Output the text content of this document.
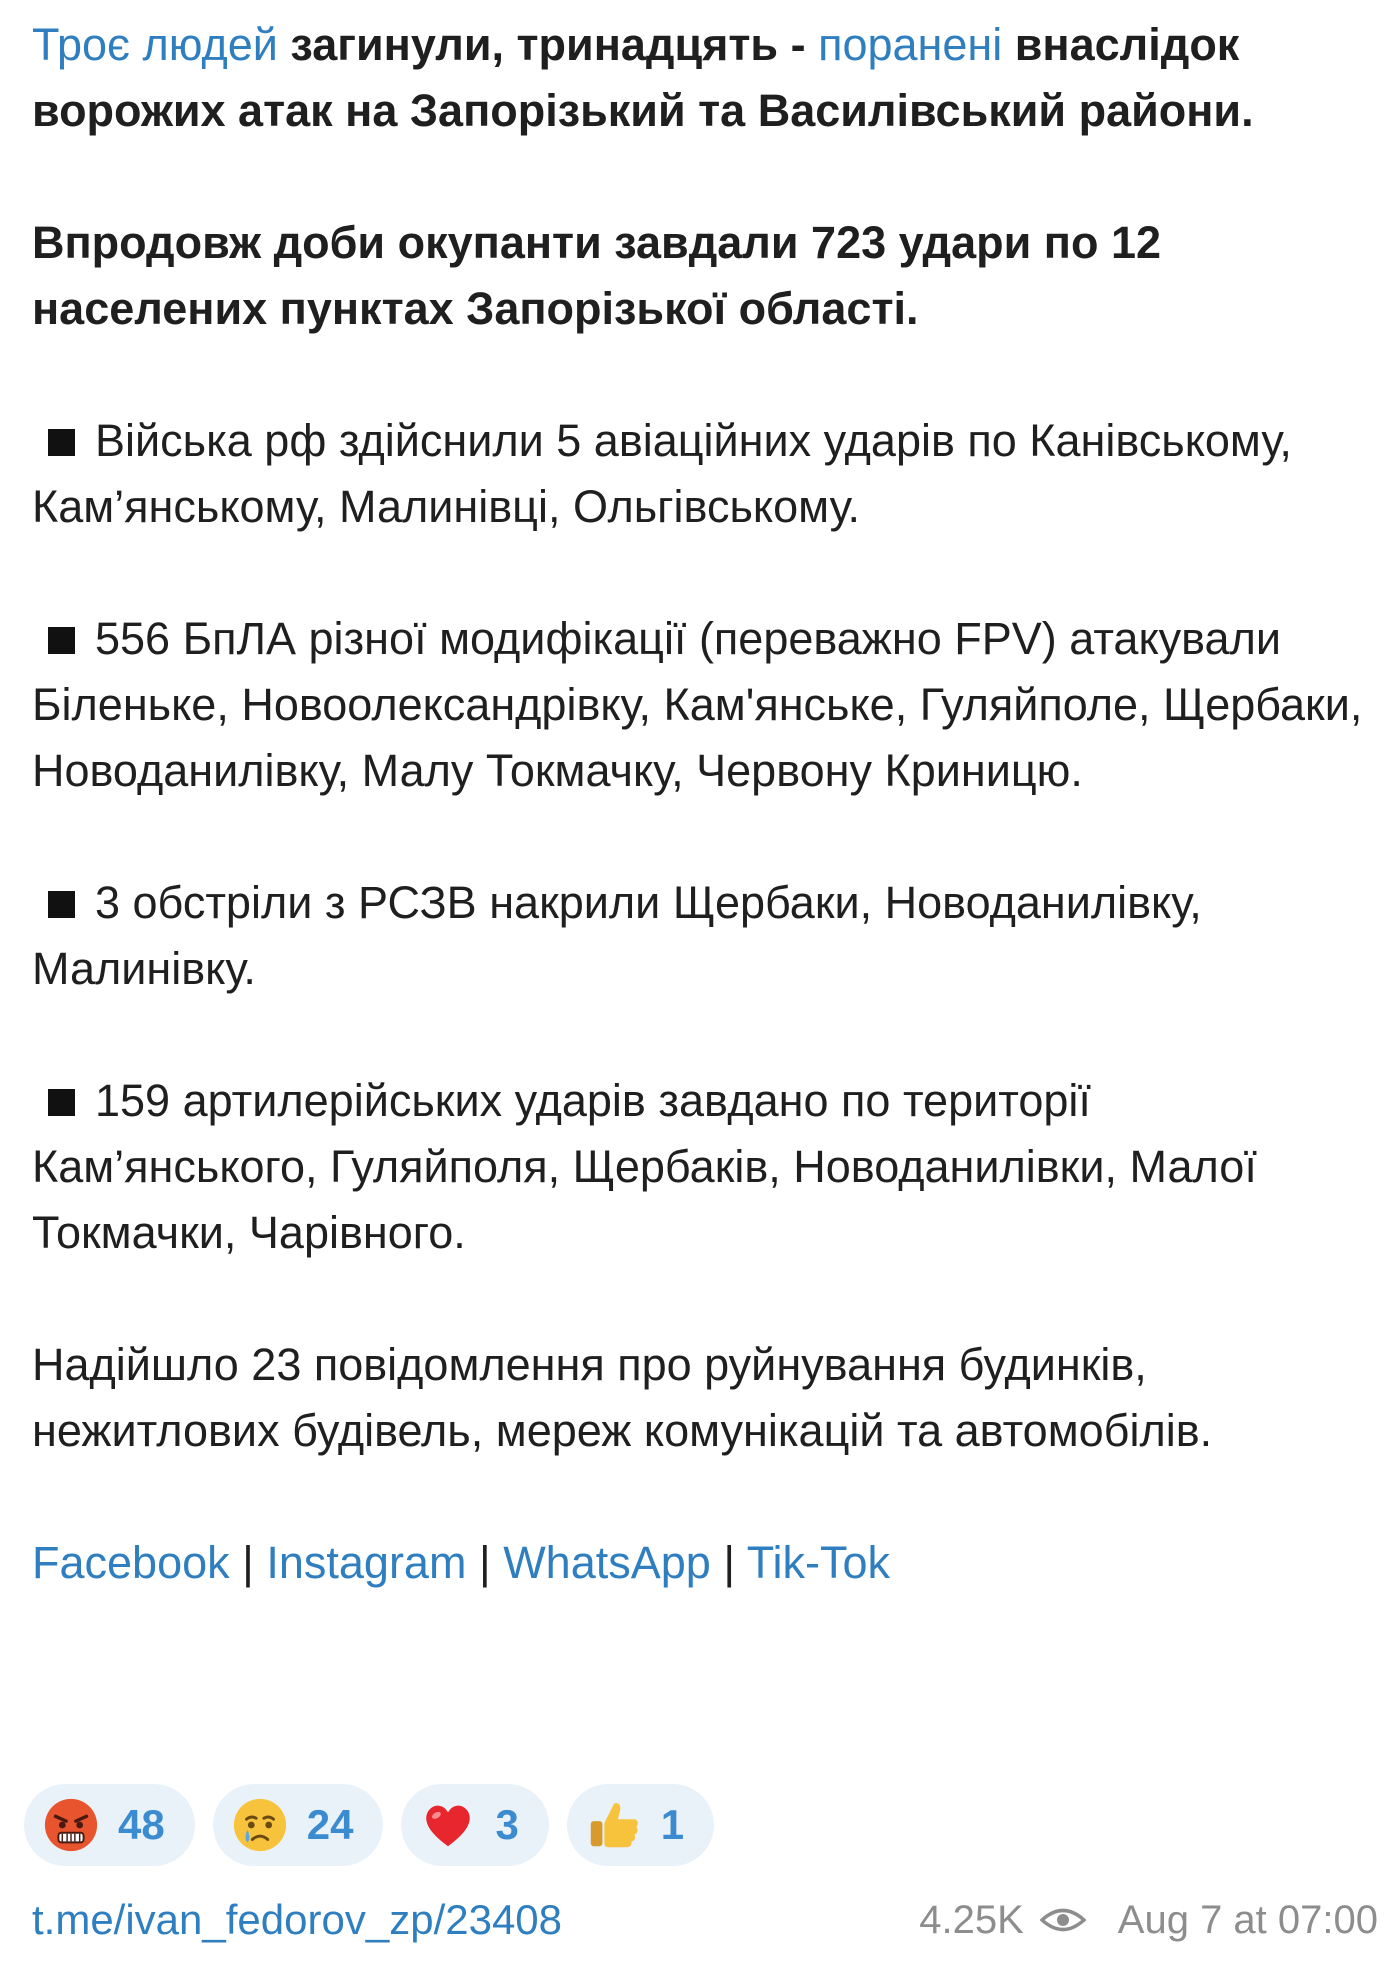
Троє людей загинули, тринадцять - поранені внаслідок ворожих атак на Запорізький та Василівський райони.

Впродовж доби окупанти завдали 723 удари по 12 населених пунктах Запорізької області.

Війська рф здійснили 5 авіаційних ударів по Канівському, Кам’янському, Малинівці, Ольгівському.

556 БпЛА різної модифікації (переважно FPV) атакували Біленьке, Новоолександрівку, Кам'янське, Гуляйполе, Щербаки, Новоданилівку, Малу Токмачку, Червону Криницю.

3 обстріли з РСЗВ накрили Щербаки, Новоданилівку, Малинівку.

159 артилерійських ударів завдано по території Кам’янського, Гуляйполя, Щербаків, Новоданилівки, Малої Токмачки, Чарівного.

Надійшло 23 повідомлення про руйнування будинків, нежитлових будівель, мереж комунікацій та автомобілів.

Facebook | Instagram | WhatsApp | Tik-Tok

48	24	3	1
t.me/ivan_fedorov_zp/23408	4.25K Aug 7 at 07:00
